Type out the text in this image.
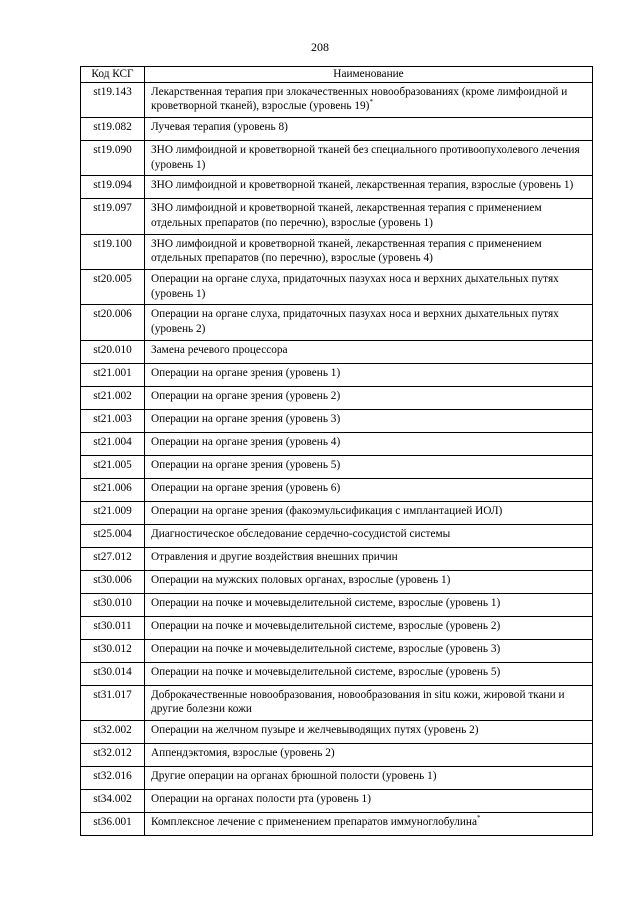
208
Код КСГ	Наименование
st19.143	Лекарственная терапия при злокачественных новообразованиях (кроме лимфоидной и кроветворной тканей), взрослые (уровень 19)*
st19.082	Лучевая терапия (уровень 8)
st19.090	ЗНО лимфоидной и кроветворной тканей без специального противоопухолевого лечения (уровень 1)
st19.094	ЗНО лимфоидной и кроветворной тканей, лекарственная терапия, взрослые (уровень 1)
st19.097	ЗНО лимфоидной и кроветворной тканей, лекарственная терапия с применением отдельных препаратов (по перечню), взрослые (уровень 1)
st19.100	ЗНО лимфоидной и кроветворной тканей, лекарственная терапия с применением отдельных препаратов (по перечню), взрослые (уровень 4)
st20.005	Операции на органе слуха, придаточных пазухах носа и верхних дыхательных путях (уровень 1)
st20.006	Операции на органе слуха, придаточных пазухах носа и верхних дыхательных путях (уровень 2)
st20.010	Замена речевого процессора
st21.001	Операции на органе зрения (уровень 1)
st21.002	Операции на органе зрения (уровень 2)
st21.003	Операции на органе зрения (уровень 3)
st21.004	Операции на органе зрения (уровень 4)
st21.005	Операции на органе зрения (уровень 5)
st21.006	Операции на органе зрения (уровень 6)
st21.009	Операции на органе зрения (факоэмульсификация с имплантацией ИОЛ)
st25.004	Диагностическое обследование сердечно-сосудистой системы
st27.012	Отравления и другие воздействия внешних причин
st30.006	Операции на мужских половых органах, взрослые (уровень 1)
st30.010	Операции на почке и мочевыделительной системе, взрослые (уровень 1)
st30.011	Операции на почке и мочевыделительной системе, взрослые (уровень 2)
st30.012	Операции на почке и мочевыделительной системе, взрослые (уровень 3)
st30.014	Операции на почке и мочевыделительной системе, взрослые (уровень 5)
st31.017	Доброкачественные новообразования, новообразования in situ кожи, жировой ткани и другие болезни кожи
st32.002	Операции на желчном пузыре и желчевыводящих путях (уровень 2)
st32.012	Аппендэктомия, взрослые (уровень 2)
st32.016	Другие операции на органах брюшной полости (уровень 1)
st34.002	Операции на органах полости рта (уровень 1)
st36.001	Комплексное лечение с применением препаратов иммуноглобулина*
